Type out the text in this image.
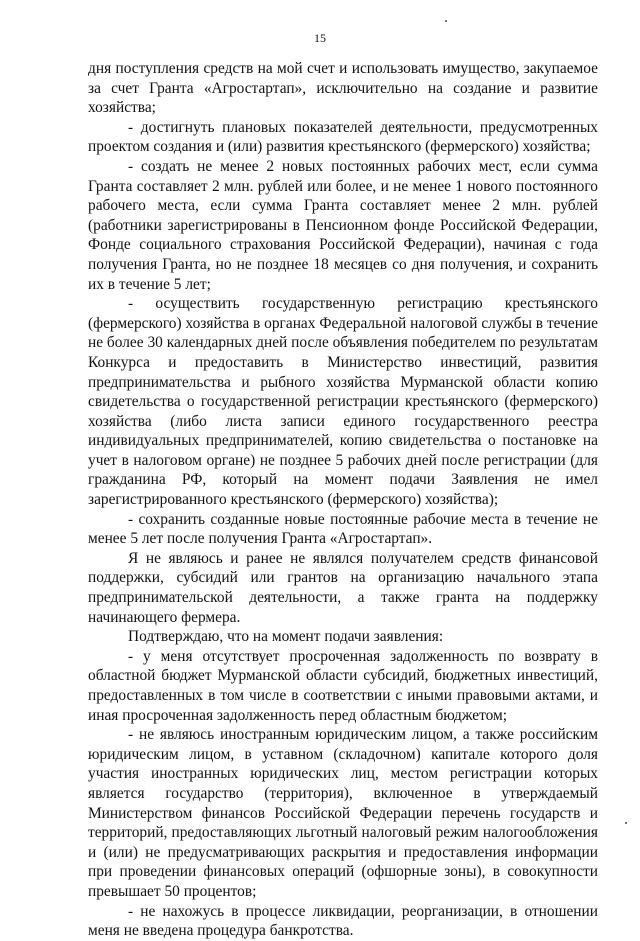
15

дня поступления средств на мой счет и использовать имущество, закупаемое за счет Гранта «Агростартап», исключительно на создание и развитие хозяйства;

- достигнуть плановых показателей деятельности, предусмотренных проектом создания и (или) развития крестьянского (фермерского) хозяйства;

- создать не менее 2 новых постоянных рабочих мест, если сумма Гранта составляет 2 млн. рублей или более, и не менее 1 нового постоянного рабочего места, если сумма Гранта составляет менее 2 млн. рублей (работники зарегистрированы в Пенсионном фонде Российской Федерации, Фонде социального страхования Российской Федерации), начиная с года получения Гранта, но не позднее 18 месяцев со дня получения, и сохранить их в течение 5 лет;

- осуществить государственную регистрацию крестьянского (фермерского) хозяйства в органах Федеральной налоговой службы в течение не более 30 календарных дней после объявления победителем по результатам Конкурса и предоставить в Министерство инвестиций, развития предпринимательства и рыбного хозяйства Мурманской области копию свидетельства о государственной регистрации крестьянского (фермерского) хозяйства (либо листа записи единого государственного реестра индивидуальных предпринимателей, копию свидетельства о постановке на учет в налоговом органе) не позднее 5 рабочих дней после регистрации (для гражданина РФ, который на момент подачи Заявления не имел зарегистрированного крестьянского (фермерского) хозяйства);

- сохранить созданные новые постоянные рабочие места в течение не менее 5 лет после получения Гранта «Агростартап».

Я не являюсь и ранее не являлся получателем средств финансовой поддержки, субсидий или грантов на организацию начального этапа предпринимательской деятельности, а также гранта на поддержку начинающего фермера.

Подтверждаю, что на момент подачи заявления:

- у меня отсутствует просроченная задолженность по возврату в областной бюджет Мурманской области субсидий, бюджетных инвестиций, предоставленных в том числе в соответствии с иными правовыми актами, и иная просроченная задолженность перед областным бюджетом;

- не являюсь иностранным юридическим лицом, а также российским юридическим лицом, в уставном (складочном) капитале которого доля участия иностранных юридических лиц, местом регистрации которых является государство (территория), включенное в утверждаемый Министерством финансов Российской Федерации перечень государств и территорий, предоставляющих льготный налоговый режим налогообложения и (или) не предусматривающих раскрытия и предоставления информации при проведении финансовых операций (офшорные зоны), в совокупности превышает 50 процентов;

- не нахожусь в процессе ликвидации, реорганизации, в отношении меня не введена процедура банкротства.
